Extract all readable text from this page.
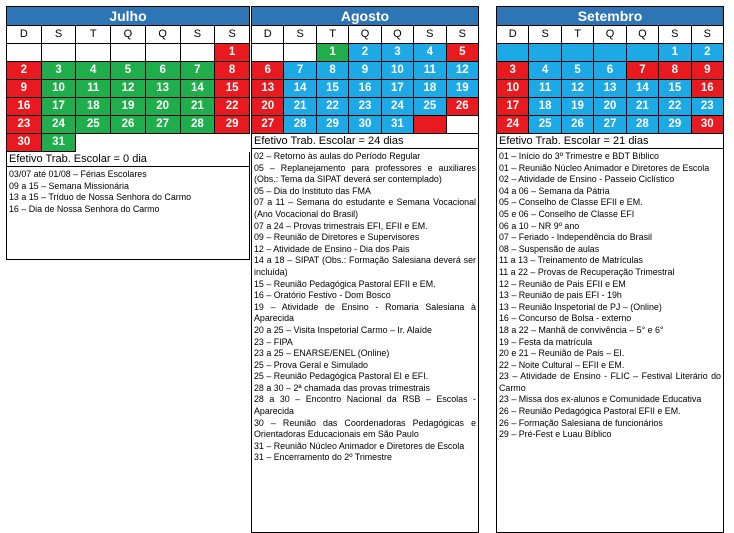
Julho
D	S	T	Q	Q	S	S
						1
2	3	4	5	6	7	8
9	10	11	12	13	14	15
16	17	18	19	20	21	22
23	24	25	26	27	28	29
30	31					
Efetivo Trab. Escolar = 0 dia
03/07 até 01/08 – Férias Escolares
09 a 15 – Semana Missionária
13 a 15 – Tríduo de Nossa Senhora do Carmo
16 – Dia de Nossa Senhora do Carmo
Agosto
D	S	T	Q	Q	S	S
		1	2	3	4	5
6	7	8	9	10	11	12
13	14	15	16	17	18	19
20	21	22	23	24	25	26
27	28	29	30	31		
Efetivo Trab. Escolar = 24 dias
02 – Retorno às aulas do Período Regular
05 – Replanejamento para professores e auxiliares (Obs.: Tema da SIPAT deverá ser contemplado)
05 – Dia do Instituto das FMA
07 a 11 – Semana do estudante e Semana Vocacional (Ano Vocacional do Brasil)
07 a 24 – Provas trimestrais EFI, EFII e EM.
09 – Reunião de Diretores e Supervisores
12 – Atividade de Ensino - Dia dos Pais
14 a 18 – SIPAT (Obs.: Formação Salesiana deverá ser incluída)
15 – Reunião Pedagógica Pastoral EFII e EM.
16 – Oratório Festivo - Dom Bosco
19 – Atividade de Ensino - Romaria Salesiana à Aparecida
20 a 25 – Visita Inspetorial Carmo – Ir. Alaíde
23 – FIPA
23 a 25 – ENARSE/ENEL (Online)
25 – Prova Geral e Simulado
25 – Reunião Pedagógica Pastoral EI e EFI.
28 a 30 – 2ª chamada das provas trimestrais
28 a 30 – Encontro Nacional da RSB – Escolas - Aparecida
30 – Reunião das Coordenadoras Pedagógicas e Orientadoras Educacionais em São Paulo
31 – Reunião Núcleo Animador e Diretores de Escola
31 – Encerramento do 2º Trimestre
Setembro
D	S	T	Q	Q	S	S
					1	2
3	4	5	6	7	8	9
10	11	12	13	14	15	16
17	18	19	20	21	22	23
24	25	26	27	28	29	30
Efetivo Trab. Escolar = 21 dias
01 – Início do 3º Trimestre e BDT Bíblico
01 – Reunião Núcleo Animador e Diretores de Escola
02 – Atividade de Ensino - Passeio Ciclístico
04 a 06 – Semana da Pátria
05 – Conselho de Classe EFII e EM.
05 e 06 – Conselho de Classe EFI
06 a 10 – NR 9º ano
07 – Feriado - Independência do Brasil
08 – Suspensão de aulas
11 a 13 – Treinamento de Matrículas
11 a 22 – Provas de Recuperação Trimestral
12 – Reunião de Pais EFII e EM
13 – Reunião de pais EFI - 19h
13 – Reunião Inspetorial de PJ – (Online)
16 – Concurso de Bolsa - externo
18 a 22 – Manhã de convivência – 5° e 6°
19 – Festa da matrícula
20 e 21 – Reunião de Pais – EI.
22 – Noite Cultural – EFII e EM.
23 – Atividade de Ensino - FLIC – Festival Literário do Carmo
23 – Missa dos ex-alunos e Comunidade Educativa
26 – Reunião Pedagógica Pastoral EFII e EM.
26 – Formação Salesiana de funcionários
29 – Pré-Fest e Luau Bíblico
